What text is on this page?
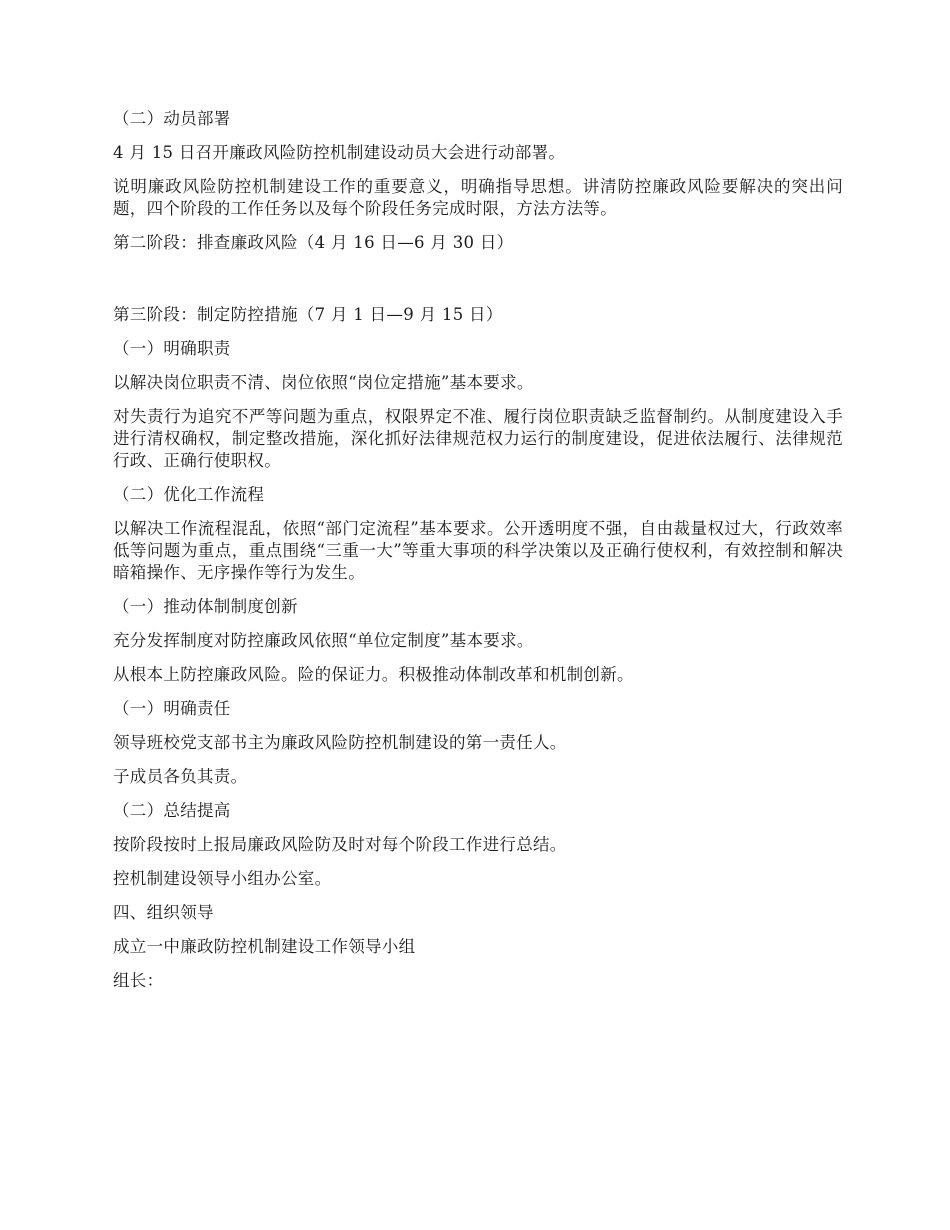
（二）动员部署

4 月 15 日召开廉政风险防控机制建设动员大会进行动部署。

说明廉政风险防控机制建设工作的重要意义，明确指导思想。讲清防控廉政风险要解决的突出问题，四个阶段的工作任务以及每个阶段任务完成时限，方法方法等。

第二阶段：排查廉政风险（4 月 16 日—6 月 30 日）

第三阶段：制定防控措施（7 月 1 日—9 月 15 日）

（一）明确职责

以解决岗位职责不清、岗位依照“岗位定措施”基本要求。

对失责行为追究不严等问题为重点，权限界定不准、履行岗位职责缺乏监督制约。从制度建设入手进行清权确权，制定整改措施，深化抓好法律规范权力运行的制度建设，促进依法履行、法律规范行政、正确行使职权。

（二）优化工作流程

以解决工作流程混乱，依照“部门定流程”基本要求。公开透明度不强，自由裁量权过大，行政效率低等问题为重点，重点围绕“三重一大”等重大事项的科学决策以及正确行使权利，有效控制和解决暗箱操作、无序操作等行为发生。

（一）推动体制制度创新

充分发挥制度对防控廉政风依照“单位定制度”基本要求。

从根本上防控廉政风险。险的保证力。积极推动体制改革和机制创新。

（一）明确责任

领导班校党支部书主为廉政风险防控机制建设的第一责任人。

子成员各负其责。

（二）总结提高

按阶段按时上报局廉政风险防及时对每个阶段工作进行总结。

控机制建设领导小组办公室。

四、组织领导

成立一中廉政防控机制建设工作领导小组

组长：
